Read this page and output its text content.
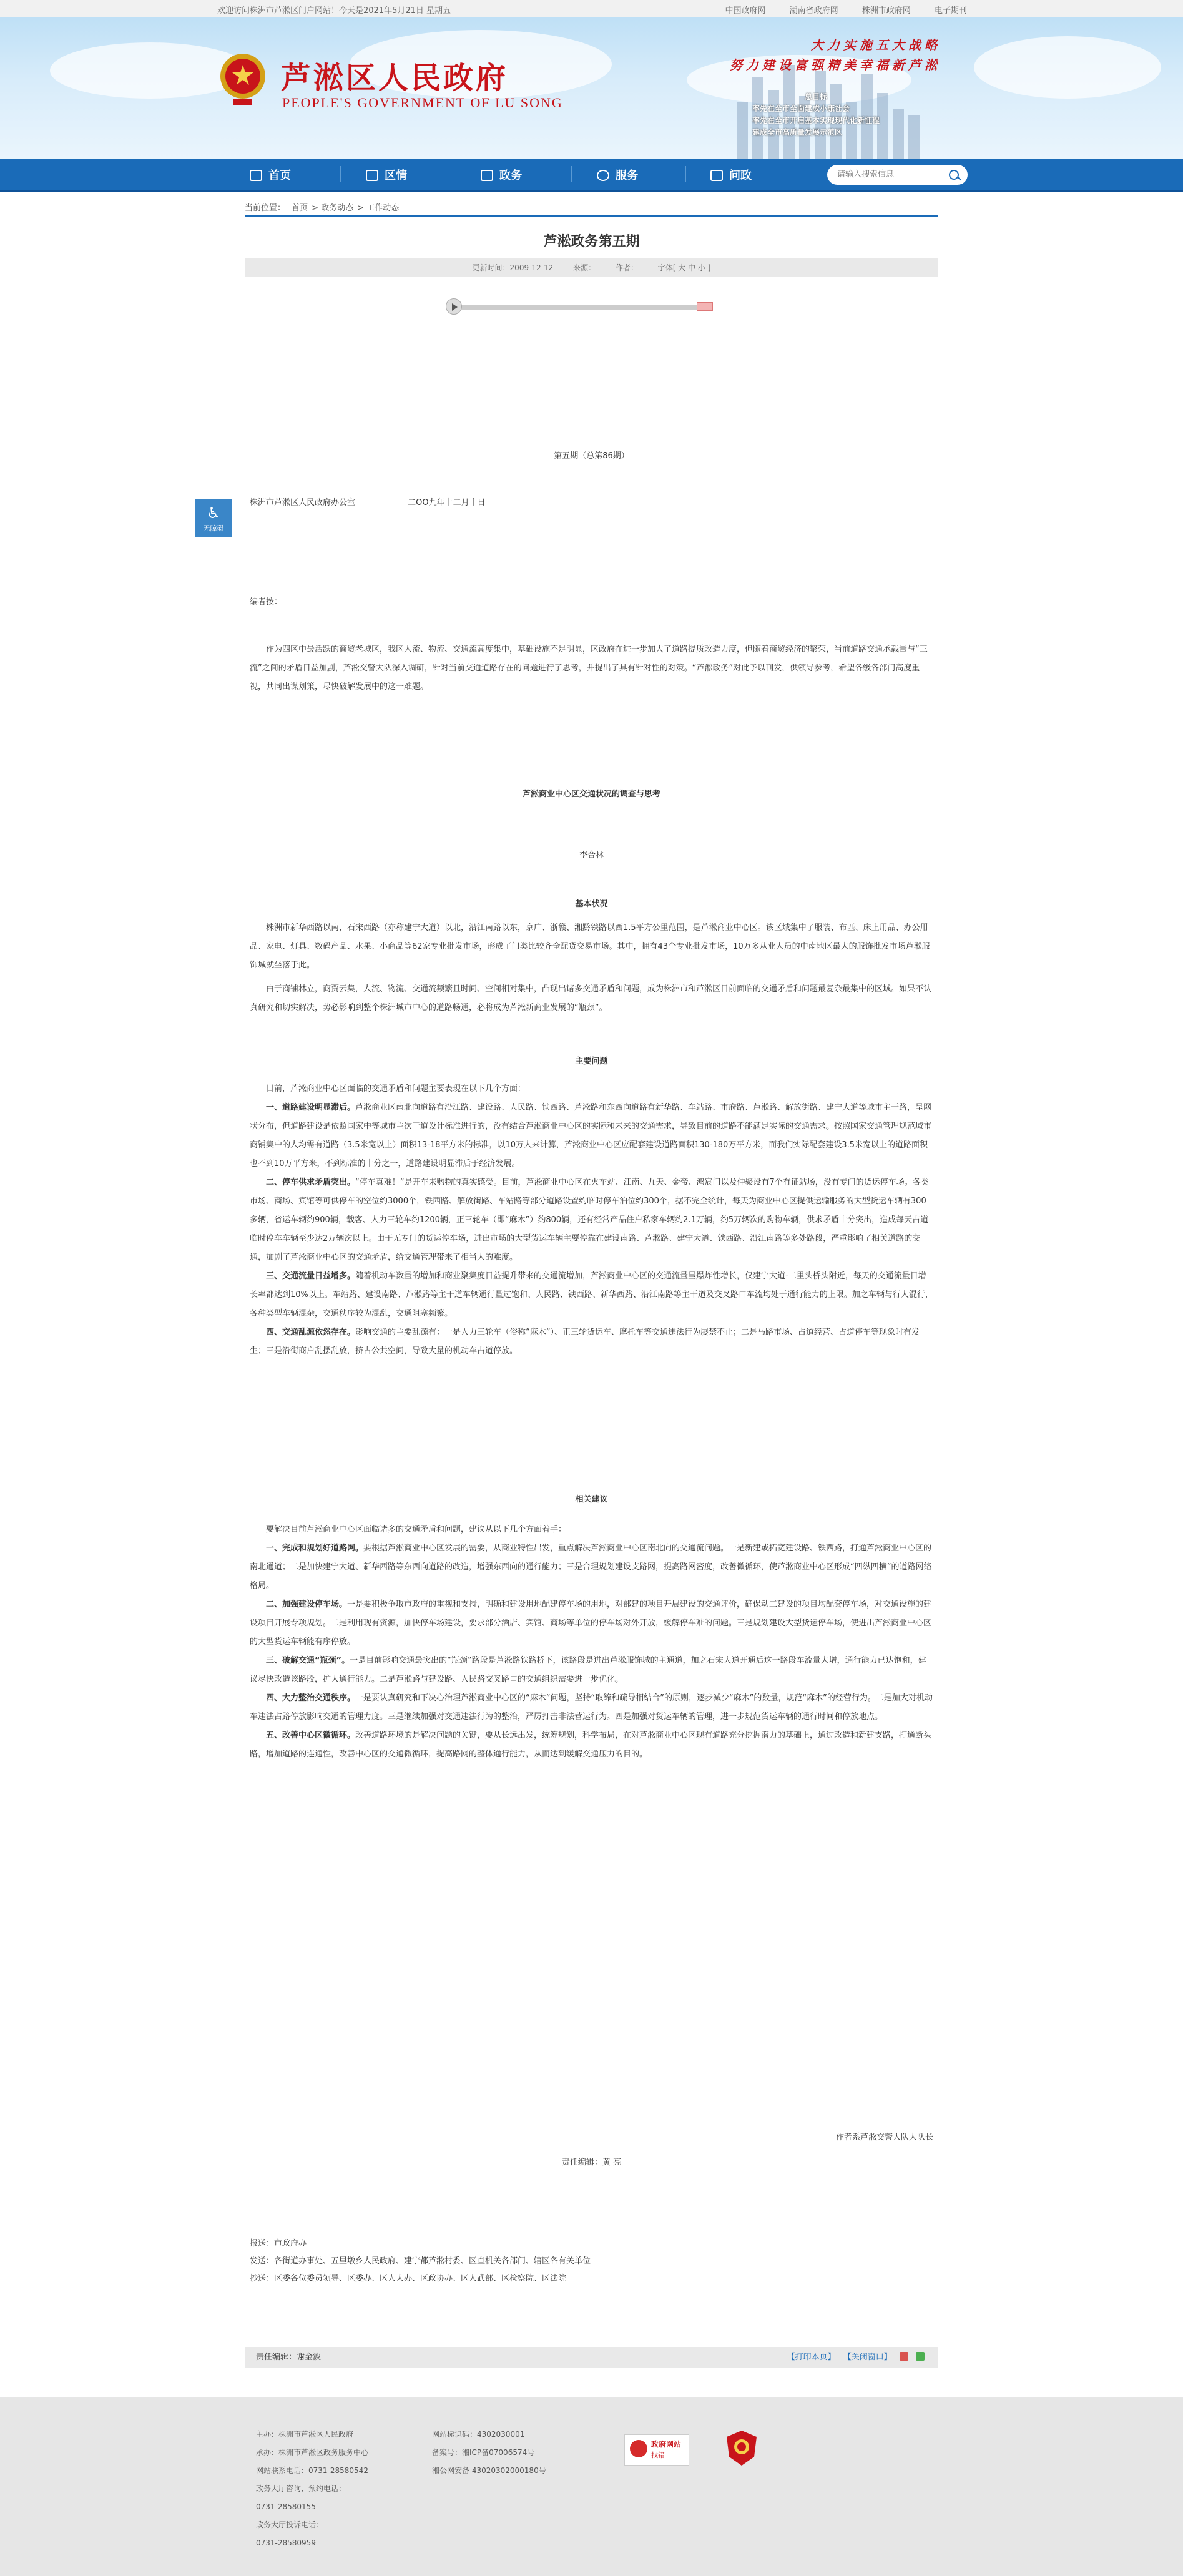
欢迎访问株洲市芦淞区门户网站！今天是2021年5月21日 星期五	中国政府网	湖南省政府网	株洲市政府网	电子期刊
芦淞区人民政府
PEOPLE'S GOVERNMENT OF LU SONG
大力实施五大战略
努力建设富强精美幸福新芦淞
总目标
率先在全市全面建成小康社会
率先在全市开启基本实现现代化新征程
建成全市高质量发展示范区
首页	区情	政务	服务	问政
请输入搜索信息
当前位置： 首页 > 政务动态 > 工作动态
芦淞政务第五期
更新时间：2009-12-12	来源：	作者：	字体[ 大 中 小 ]
♿
无障碍
第五期（总第86期）
株洲市芦淞区人民政府办公室	二OO九年十二月十日
编者按：

作为四区中最活跃的商贸老城区，我区人流、物流、交通流高度集中，基础设施不足明显，区政府在进一步加大了道路提质改造力度，但随着商贸经济的繁荣，当前道路交通承载量与“三流”之间的矛盾日益加剧，芦淞交警大队深入调研，针对当前交通道路存在的问题进行了思考，并提出了具有针对性的对策。“芦淞政务”对此予以刊发，供领导参考，希望各级各部门高度重视，共同出谋划策，尽快破解发展中的这一难题。

芦淞商业中心区交通状况的调查与思考
李合林
基本状况

株洲市新华西路以南，石宋西路（亦称建宁大道）以北，沿江南路以东，京广、浙赣、湘黔铁路以西1.5平方公里范围，是芦淞商业中心区。该区域集中了服装、布匹、床上用品、办公用品、家电、灯具、数码产品、水果、小商品等62家专业批发市场，形成了门类比较齐全配货交易市场。其中，拥有43个专业批发市场，10万多从业人员的中南地区最大的服饰批发市场芦淞服饰城就坐落于此。

由于商铺林立，商贾云集，人流、物流、交通流频繁且时间、空间相对集中，凸现出诸多交通矛盾和问题，成为株洲市和芦淞区目前面临的交通矛盾和问题最复杂最集中的区域。如果不认真研究和切实解决，势必影响到整个株洲城市中心的道路畅通，必将成为芦淞新商业发展的“瓶颈”。

主要问题

目前，芦淞商业中心区面临的交通矛盾和问题主要表现在以下几个方面：

一、道路建设明显滞后。芦淞商业区南北向道路有沿江路、建设路、人民路、铁西路、芦淞路和东西向道路有新华路、车站路、市府路、芦淞路、解放街路、建宁大道等域市主干路，呈网状分布，但道路建设是依照国家中等城市主次干道设计标准进行的，没有结合芦淞商业中心区的实际和未来的交通需求，导致目前的道路不能满足实际的交通需求。按照国家交通管理规范域市商铺集中的人均需有道路（3.5米宽以上）面积13-18平方米的标准，以10万人来计算，芦淞商业中心区应配套建设道路面积130-180万平方米，而我们实际配套建设3.5米宽以上的道路面积也不到10万平方米，不到标准的十分之一，道路建设明显滞后于经济发展。

二、停车供求矛盾突出。“停车真难！”是开车来购物的真实感受。目前，芦淞商业中心区在火车站、江南、九天、金帝、鸿宸门以及仲聚设有7个有证站场，没有专门的货运停车场。各类市场、商场、宾馆等可供停车的空位约3000个，铁西路、解放街路、车站路等部分道路设置约临时停车泊位约300个，据不完全统计，每天为商业中心区提供运输服务的大型货运车辆有300多辆，省运车辆约900辆，载客、人力三轮车约1200辆，正三轮车（即“麻木”）约800辆，还有经常产品住户私家车辆约2.1万辆，约5万辆次的购物车辆，供求矛盾十分突出，造成每天占道临时停车车辆至少达2万辆次以上。由于无专门的货运停车场，进出市场的大型货运车辆主要停靠在建设南路、芦淞路、建宁大道、铁西路、沿江南路等多处路段，严重影响了相关道路的交通，加剧了芦淞商业中心区的交通矛盾，给交通管理带来了相当大的难度。

三、交通流量日益增多。随着机动车数量的增加和商业聚集度日益提升带来的交通流增加，芦淞商业中心区的交通流量呈爆炸性增长，仅建宁大道-二里头桥头附近，每天的交通流量日增长率都达到10%以上。车站路、建设南路、芦淞路等主干道车辆通行量过饱和、人民路、铁西路、新华西路、沿江南路等主干道及交叉路口车流均处于通行能力的上限。加之车辆与行人混行，各种类型车辆混杂，交通秩序较为混乱，交通阻塞频繁。

四、交通乱源依然存在。影响交通的主要乱源有：一是人力三轮车（俗称“麻木”）、正三轮货运车、摩托车等交通违法行为屡禁不止；二是马路市场、占道经营、占道停车等现象时有发生；三是沿街商户乱摆乱放，挤占公共空间，导致大量的机动车占道停放。

相关建议

要解决目前芦淞商业中心区面临诸多的交通矛盾和问题，建议从以下几个方面着手：

一、完成和规划好道路网。要根据芦淞商业中心区发展的需要，从商业特性出发，重点解决芦淞商业中心区南北向的交通流问题。一是新建或拓宽建设路、铁西路，打通芦淞商业中心区的南北通道；二是加快建宁大道、新华西路等东西向道路的改造，增强东西向的通行能力；三是合理规划建设支路网，提高路网密度，改善微循环，使芦淞商业中心区形成“四纵四横”的道路网络格局。

二、加强建设停车场。一是要积极争取市政府的重视和支持，明确和建设用地配建停车场的用地，对部建的项目开展建设的交通评价，确保动工建设的项目均配套停车场，对交通设施的建设项目开展专项规划。二是利用现有资源，加快停车场建设，要求部分酒店、宾馆、商场等单位的停车场对外开放，缓解停车难的问题。三是规划建设大型货运停车场，使进出芦淞商业中心区的大型货运车辆能有序停放。

三、破解交通“瓶颈”。一是目前影响交通最突出的“瓶颈”路段是芦淞路铁路桥下，该路段是进出芦淞服饰城的主通道，加之石宋大道开通后这一路段车流量大增，通行能力已达饱和，建议尽快改造该路段，扩大通行能力。二是芦淞路与建设路、人民路交叉路口的交通组织需要进一步优化。

四、大力整治交通秩序。一是要认真研究和下决心治理芦淞商业中心区的“麻木”问题，坚持“取缔和疏导相结合”的原则，逐步减少“麻木”的数量，规范“麻木”的经营行为。二是加大对机动车违法占路停放影响交通的管理力度。三是继续加强对交通违法行为的整治，严厉打击非法营运行为。四是加强对货运车辆的管理，进一步规范货运车辆的通行时间和停放地点。

五、改善中心区微循环。改善道路环境的是解决问题的关键，要从长远出发，统筹规划，科学布局，在对芦淞商业中心区现有道路充分挖掘潜力的基础上，通过改造和新建支路，打通断头路，增加道路的连通性，改善中心区的交通微循环，提高路网的整体通行能力，从而达到缓解交通压力的目的。

作者系芦淞交警大队大队长
责任编辑：黄 亮
报送：市政府办
发送：各街道办事处、五里墩乡人民政府、建宁都芦淞村委、区直机关各部门、辖区各有关单位
抄送：区委各位委员领导、区委办、区人大办、区政协办、区人武部、区检察院、区法院
责任编辑：谢金波	【打印本页】 【关闭窗口】
主办：株洲市芦淞区人民政府
承办：株洲市芦淞区政务服务中心
网站联系电话：0731-28580542
政务大厅咨询、预约电话：
0731-28580155
政务大厅投诉电话：
0731-28580959
网站标识码：4302030001
备案号：湘ICP备07006574号
湘公网安备 43020302000180号
政府网站
找错
